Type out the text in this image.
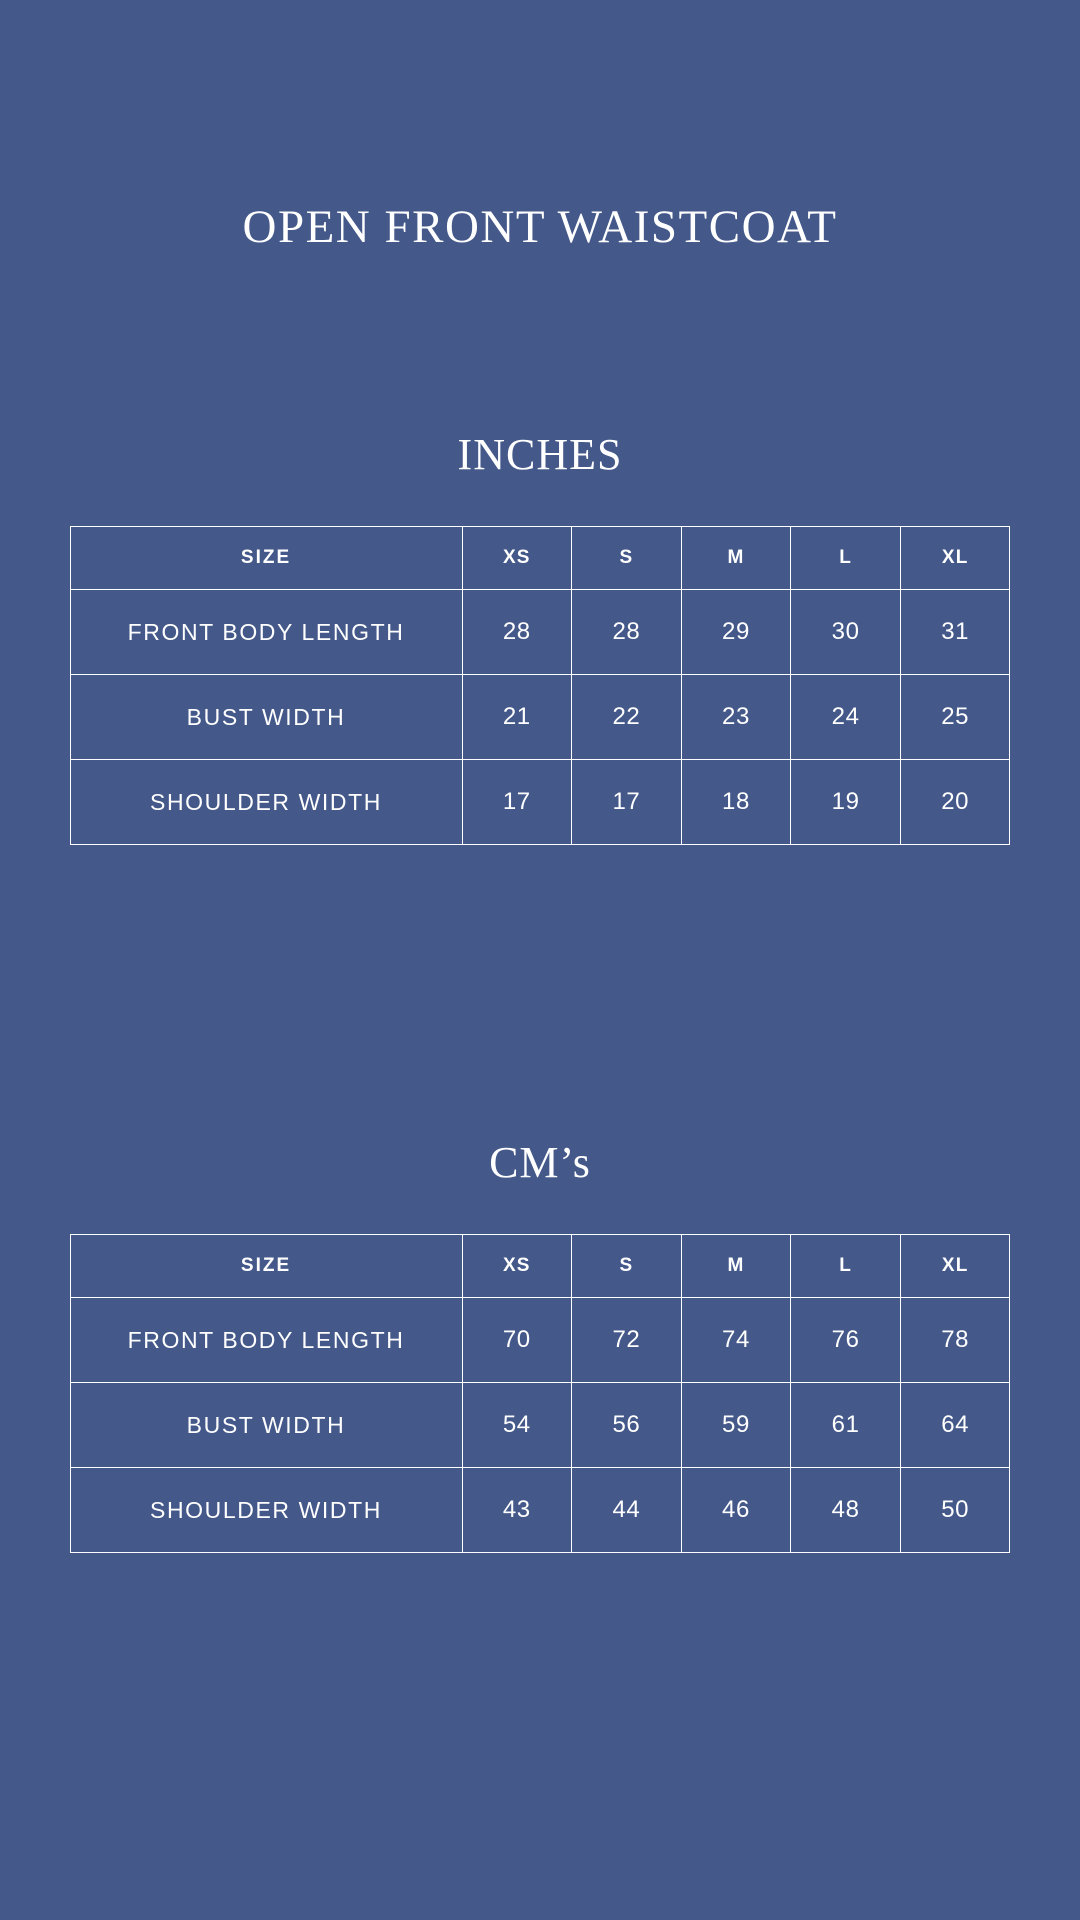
OPEN FRONT WAISTCOAT
INCHES
SIZE	XS	S	M	L	XL
FRONT BODY LENGTH	28	28	29	30	31
BUST WIDTH	21	22	23	24	25
SHOULDER WIDTH	17	17	18	19	20
CM’s
SIZE	XS	S	M	L	XL
FRONT BODY LENGTH	70	72	74	76	78
BUST WIDTH	54	56	59	61	64
SHOULDER WIDTH	43	44	46	48	50
